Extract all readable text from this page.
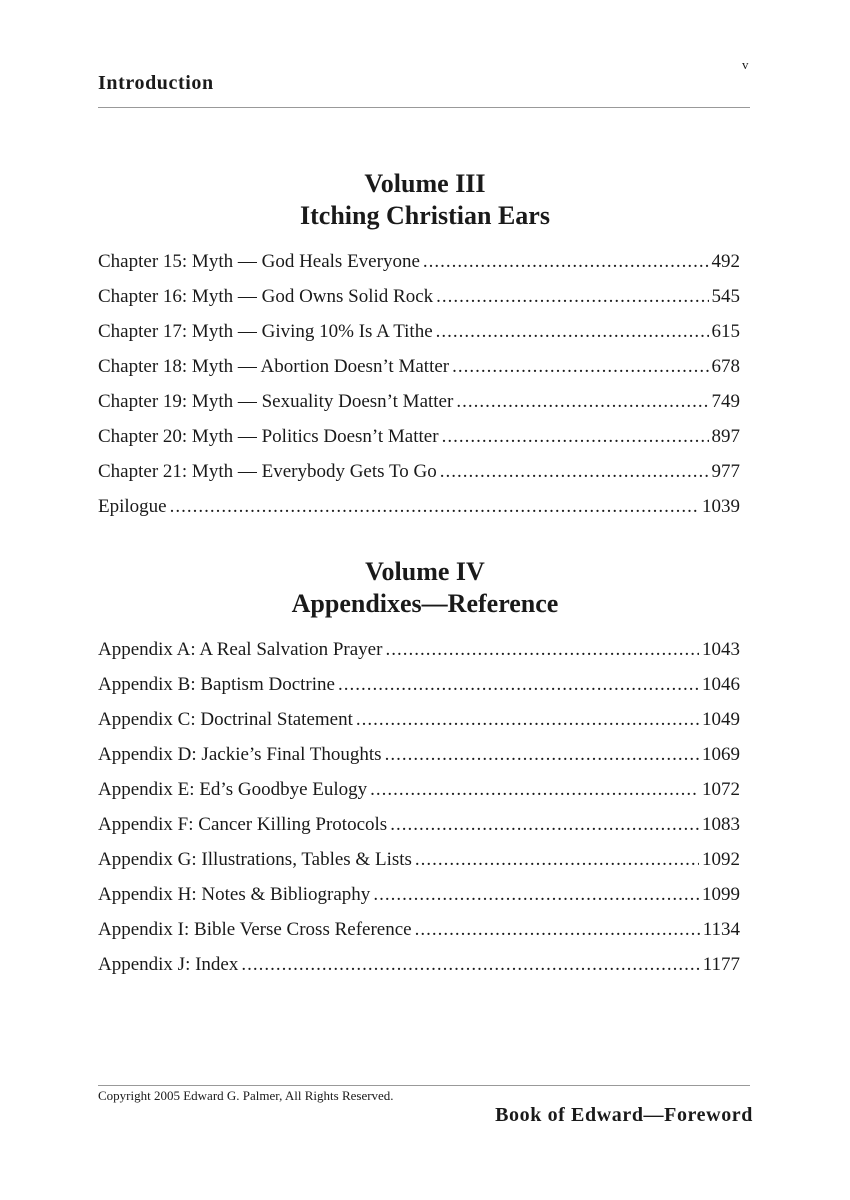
v
Introduction
Volume III
Itching Christian Ears
Chapter 15: Myth — God Heals Everyone .....	492
Chapter 16: Myth — God Owns Solid Rock .....	545
Chapter 17: Myth — Giving 10% Is A Tithe .....	615
Chapter 18: Myth — Abortion Doesn’t Matter .....	678
Chapter 19: Myth — Sexuality Doesn’t Matter .....	749
Chapter 20: Myth — Politics Doesn’t Matter .....	897
Chapter 21: Myth — Everybody Gets To Go .....	977
Epilogue .....	1039
Volume IV
Appendixes—Reference
Appendix A: A Real Salvation Prayer .....	1043
Appendix B: Baptism Doctrine .....	1046
Appendix C: Doctrinal Statement .....	1049
Appendix D: Jackie’s Final Thoughts .....	1069
Appendix E: Ed’s Goodbye Eulogy .....	1072
Appendix F: Cancer Killing Protocols .....	1083
Appendix G: Illustrations, Tables & Lists .....	1092
Appendix H: Notes & Bibliography .....	1099
Appendix I: Bible Verse Cross Reference .....	1134
Appendix J: Index .....	1177
Copyright 2005 Edward G. Palmer, All Rights Reserved.
Book of Edward—Foreword
